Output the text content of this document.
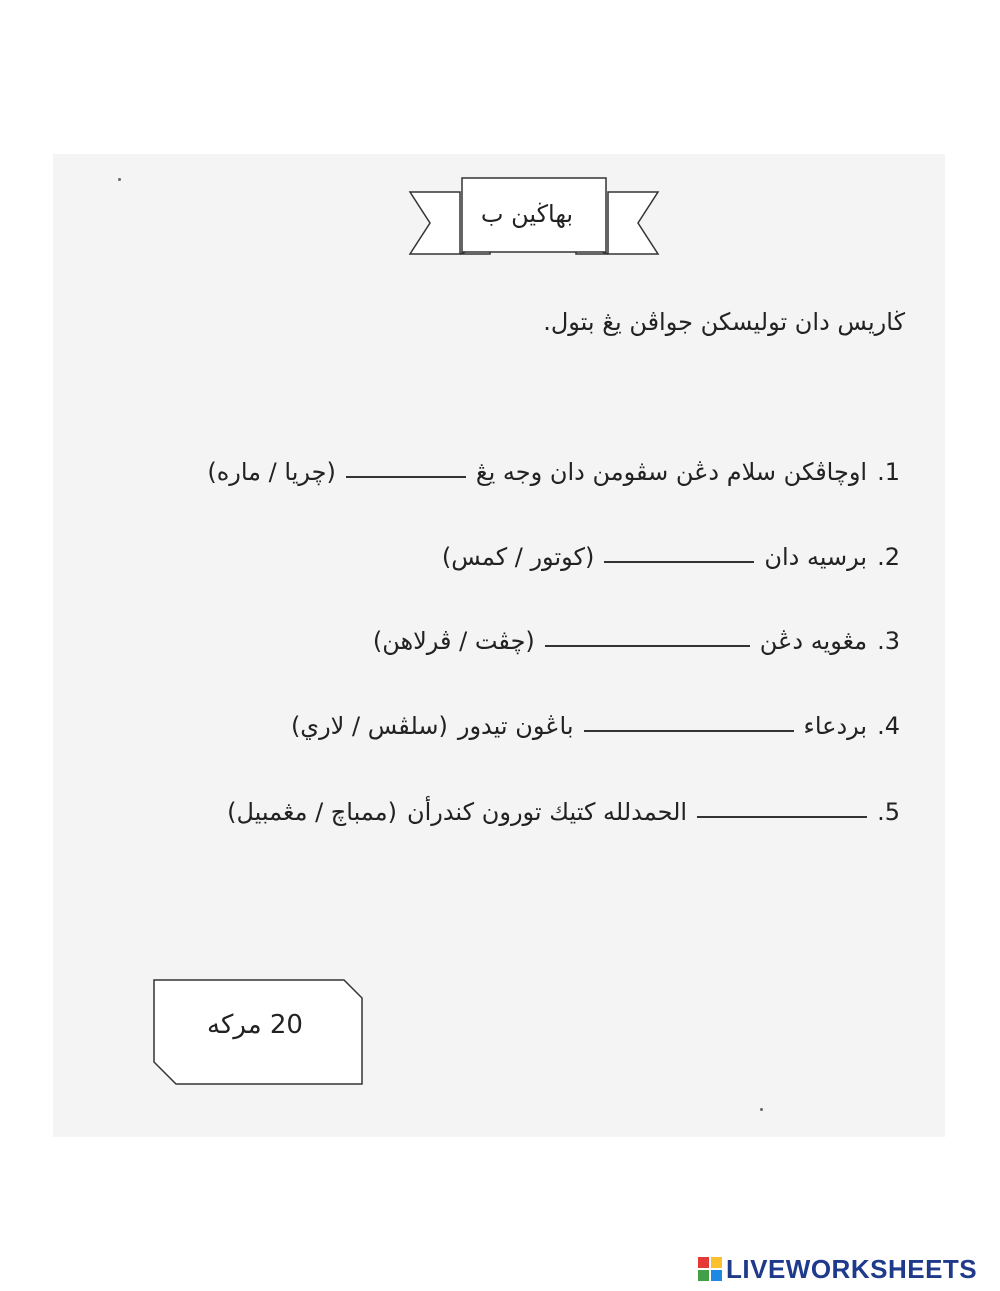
بهاڬين ب
ڬاريس دان توليسكن جواڤن يڠ بتول.
1.
اوچاڤكن سلام دڠن سڤومن دان وجه يڠ
(چريا / ماره)
2.
برسيه دان
(كوتور / كمس)
3.
مڠويه دڠن
(چڤت / ڤرلاهن)
4.
بردعاء
باڠون تيدور
(سلڤس / لاري)
5.
الحمدلله كتيك تورون كندرأن
(ممباچ / مڠمبيل)
20 مركه
LIVEWORKSHEETS
